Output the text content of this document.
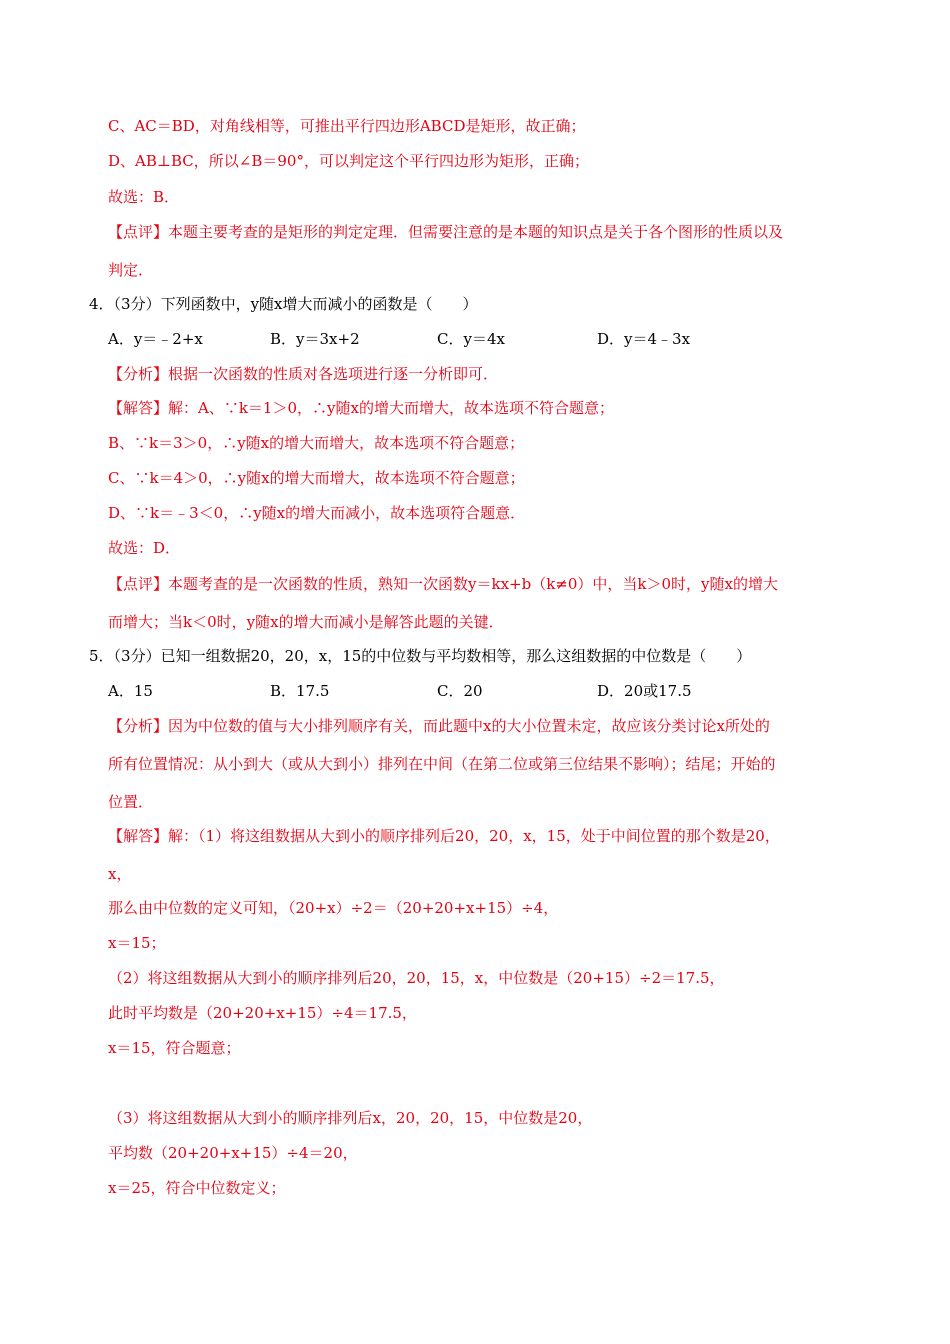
C、AC＝BD，对角线相等，可推出平行四边形ABCD是矩形，故正确；
D、AB⊥BC，所以∠B＝90°，可以判定这个平行四边形为矩形，正确；
故选：B．
【点评】本题主要考查的是矩形的判定定理．但需要注意的是本题的知识点是关于各个图形的性质以及
判定．
4．（3分）下列函数中，y随x增大而减小的函数是（　　）
A．y＝﹣2+x	B．y＝3x+2	C．y＝4x	D．y＝4﹣3x
【分析】根据一次函数的性质对各选项进行逐一分析即可．
【解答】解：A、∵k＝1＞0，∴y随x的增大而增大，故本选项不符合题意；
B、∵k＝3＞0，∴y随x的增大而增大，故本选项不符合题意；
C、∵k＝4＞0，∴y随x的增大而增大，故本选项不符合题意；
D、∵k＝﹣3＜0，∴y随x的增大而减小，故本选项符合题意．
故选：D．
【点评】本题考查的是一次函数的性质，熟知一次函数y＝kx+b（k≠0）中，当k＞0时，y随x的增大
而增大；当k＜0时，y随x的增大而减小是解答此题的关键．
5．（3分）已知一组数据20，20，x，15的中位数与平均数相等，那么这组数据的中位数是（　　）
A．15	B．17.5	C．20	D．20或17.5
【分析】因为中位数的值与大小排列顺序有关，而此题中x的大小位置未定，故应该分类讨论x所处的
所有位置情况：从小到大（或从大到小）排列在中间（在第二位或第三位结果不影响）；结尾；开始的
位置．
【解答】解：（1）将这组数据从大到小的顺序排列后20，20，x，15，处于中间位置的那个数是20，
x，
那么由中位数的定义可知，（20+x）÷2＝（20+20+x+15）÷4，
x＝15；
（2）将这组数据从大到小的顺序排列后20，20，15，x，中位数是（20+15）÷2＝17.5，
此时平均数是（20+20+x+15）÷4＝17.5，
x＝15，符合题意；
（3）将这组数据从大到小的顺序排列后x，20，20，15，中位数是20，
平均数（20+20+x+15）÷4＝20，
x＝25，符合中位数定义；
